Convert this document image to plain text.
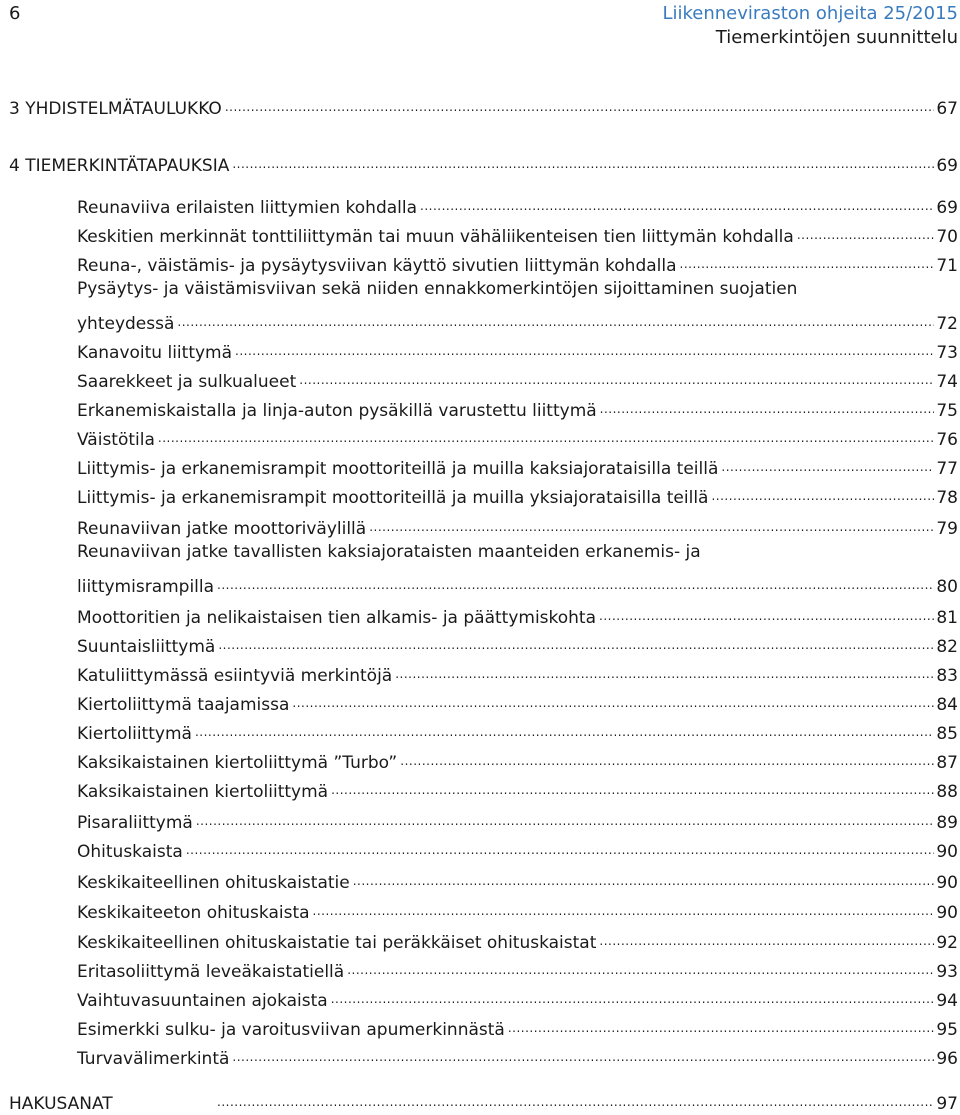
6	Liikenneviraston ohjeita 25/2015
Tiemerkintöjen suunnittelu
3 YHDISTELMÄTAULUKKO .....	67
4 TIEMERKINTÄTAPAUKSIA .....	69
Reunaviiva erilaisten liittymien kohdalla .....	69
Keskitien merkinnät tonttiliittymän tai muun vähäliikenteisen tien liittymän kohdalla .....	70
Reuna-, väistämis- ja pysäytysviivan käyttö sivutien liittymän kohdalla .....	71
Pysäytys- ja väistämisviivan sekä niiden ennakkomerkintöjen sijoittaminen suojatien
yhteydessä .....	72
Kanavoitu liittymä .....	73
Saarekkeet ja sulkualueet .....	74
Erkanemiskaistalla ja linja-auton pysäkillä varustettu liittymä .....	75
Väistötila .....	76
Liittymis- ja erkanemisrampit moottoriteillä ja muilla kaksiajorataisilla teillä .....	77
Liittymis- ja erkanemisrampit moottoriteillä ja muilla yksiajorataisilla teillä .....	78
Reunaviivan jatke moottoriväylillä .....	79
Reunaviivan jatke tavallisten kaksiajorataisten maanteiden erkanemis- ja
liittymisrampilla .....	80
Moottoritien ja nelikaistaisen tien alkamis- ja päättymiskohta .....	81
Suuntaisliittymä .....	82
Katuliittymässä esiintyviä merkintöjä .....	83
Kiertoliittymä taajamissa .....	84
Kiertoliittymä .....	85
Kaksikaistainen kiertoliittymä ”Turbo” .....	87
Kaksikaistainen kiertoliittymä .....	88
Pisaraliittymä .....	89
Ohituskaista .....	90
Keskikaiteellinen ohituskaistatie .....	90
Keskikaiteeton ohituskaista .....	90
Keskikaiteellinen ohituskaistatie tai peräkkäiset ohituskaistat .....	92
Eritasoliittymä leveäkaistatiellä .....	93
Vaihtuvasuuntainen ajokaista .....	94
Esimerkki sulku- ja varoitusviivan apumerkinnästä .....	95
Turvavälimerkintä .....	96
HAKUSANAT .....	97
